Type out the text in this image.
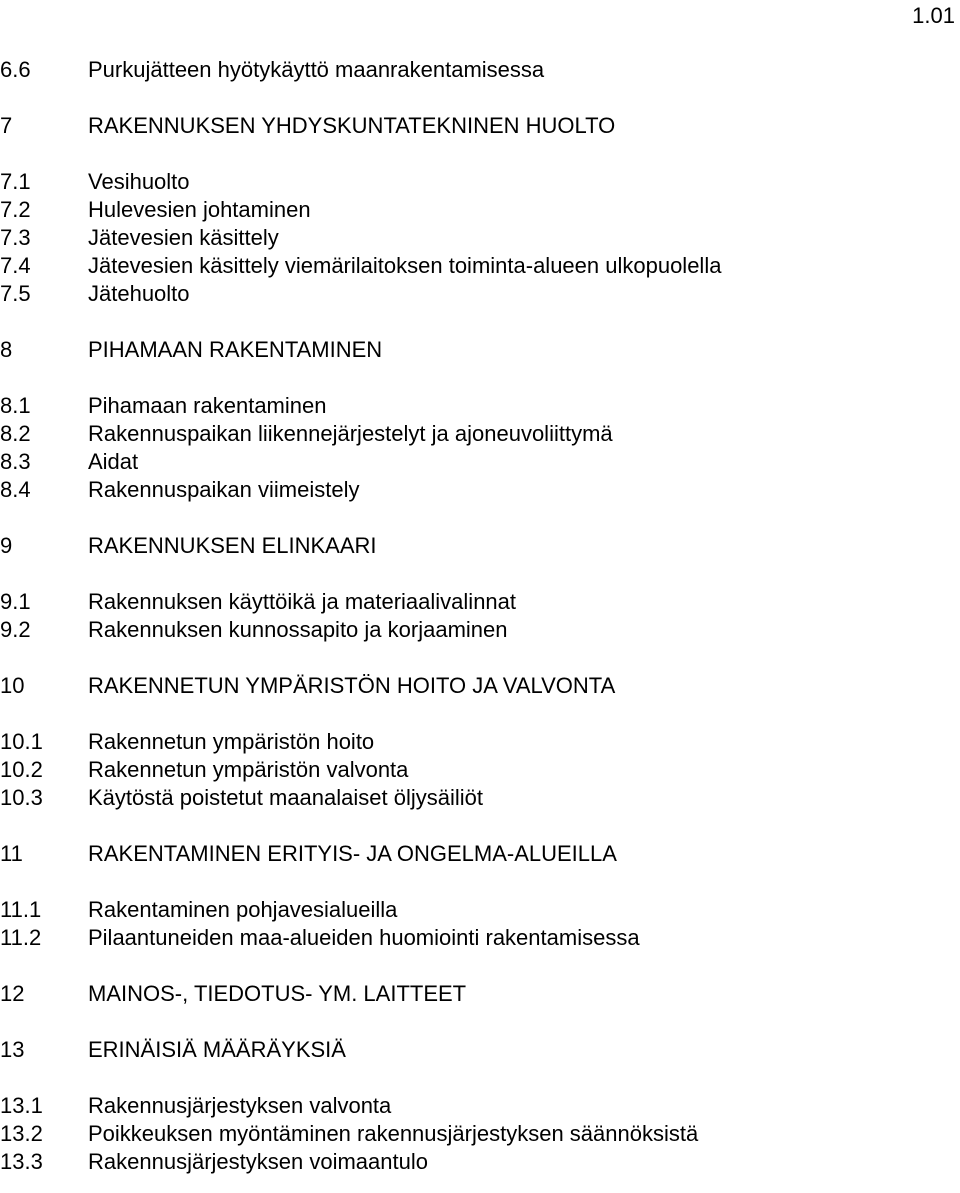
1.01
6.6	Purkujätteen hyötykäyttö maanrakentamisessa
7	RAKENNUKSEN YHDYSKUNTATEKNINEN HUOLTO
7.1	Vesihuolto
7.2	Hulevesien johtaminen
7.3	Jätevesien käsittely
7.4	Jätevesien käsittely viemärilaitoksen toiminta-alueen ulkopuolella
7.5	Jätehuolto
8	PIHAMAAN RAKENTAMINEN
8.1	Pihamaan rakentaminen
8.2	Rakennuspaikan liikennejärjestelyt ja ajoneuvoliittymä
8.3	Aidat
8.4	Rakennuspaikan viimeistely
9	RAKENNUKSEN ELINKAARI
9.1	Rakennuksen käyttöikä ja materiaalivalinnat
9.2	Rakennuksen kunnossapito ja korjaaminen
10	RAKENNETUN YMPÄRISTÖN HOITO JA VALVONTA
10.1 Rakennetun ympäristön hoito
10.2 Rakennetun ympäristön valvonta
10.3 Käytöstä poistetut maanalaiset öljysäiliöt
11	RAKENTAMINEN ERITYIS- JA ONGELMA-ALUEILLA
11.1 Rakentaminen pohjavesialueilla
11.2 Pilaantuneiden maa-alueiden huomiointi rakentamisessa
12	MAINOS-, TIEDOTUS- YM. LAITTEET
13	ERINÄISIÄ MÄÄRÄYKSIÄ
13.1 Rakennusjärjestyksen valvonta
13.2 Poikkeuksen myöntäminen rakennusjärjestyksen säännöksistä
13.3 Rakennusjärjestyksen voimaantulo
